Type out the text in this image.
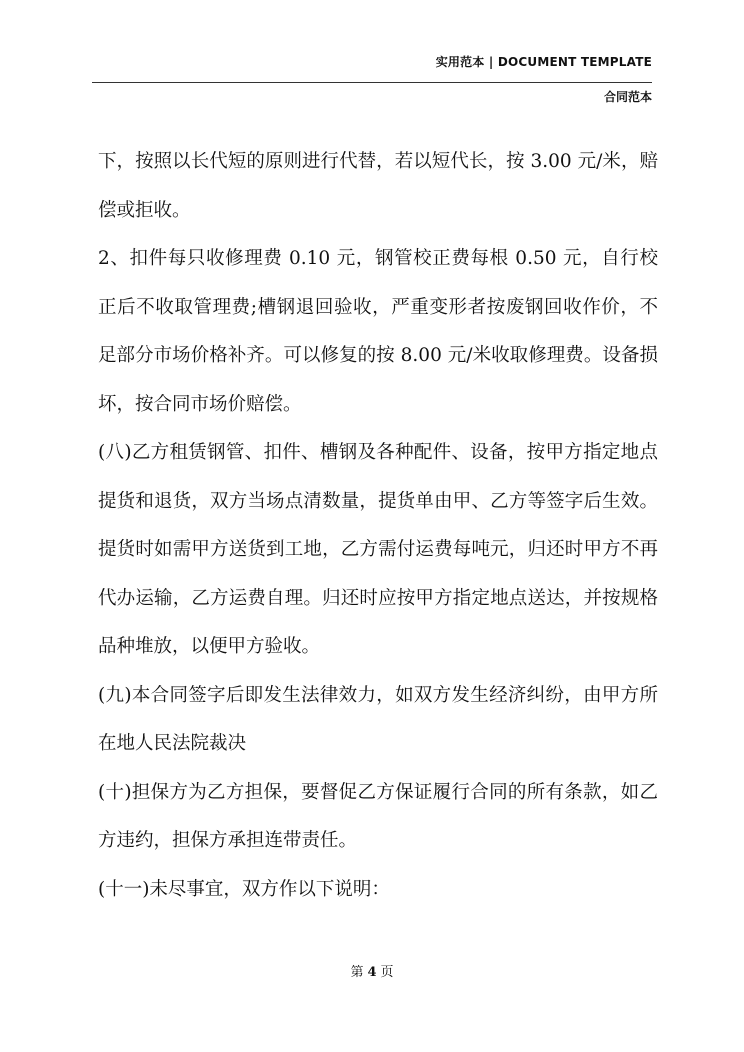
实用范本 | DOCUMENT TEMPLATE
合同范本

下，按照以长代短的原则进行代替，若以短代长，按 3.00 元/米，赔偿或拒收。

2、扣件每只收修理费 0.10 元，钢管校正费每根 0.50 元，自行校正后不收取管理费;槽钢退回验收，严重变形者按废钢回收作价，不足部分市场价格补齐。可以修复的按 8.00 元/米收取修理费。设备损坏，按合同市场价赔偿。

(八)乙方租赁钢管、扣件、槽钢及各种配件、设备，按甲方指定地点提货和退货，双方当场点清数量，提货单由甲、乙方等签字后生效。提货时如需甲方送货到工地，乙方需付运费每吨元，归还时甲方不再代办运输，乙方运费自理。归还时应按甲方指定地点送达，并按规格品种堆放，以便甲方验收。

(九)本合同签字后即发生法律效力，如双方发生经济纠纷，由甲方所在地人民法院裁决

(十)担保方为乙方担保，要督促乙方保证履行合同的所有条款，如乙方违约，担保方承担连带责任。

(十一)未尽事宜，双方作以下说明：

第 4 页
